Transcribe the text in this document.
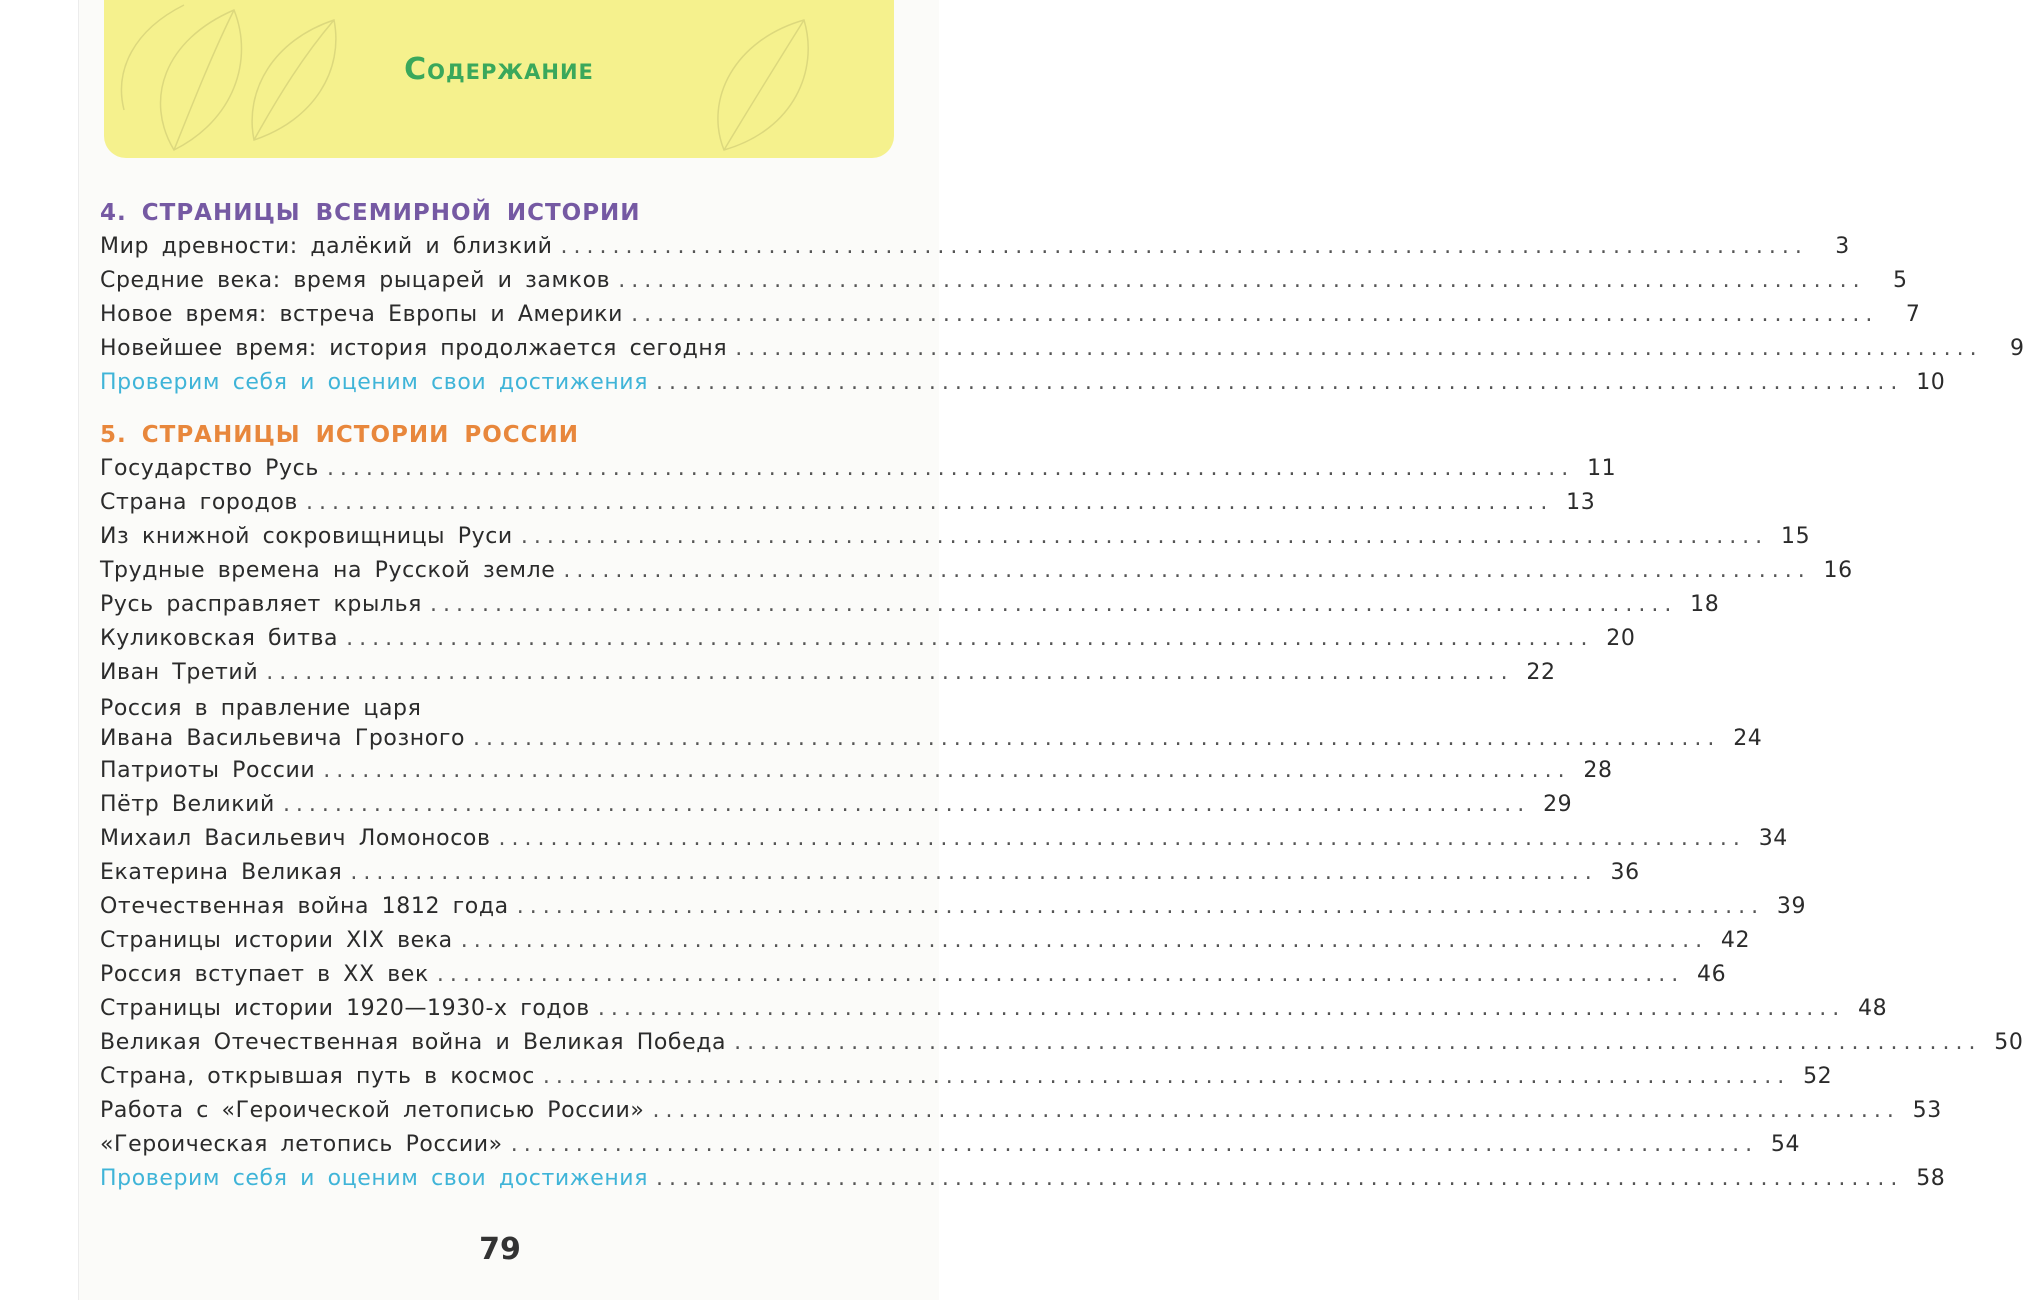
Содержание
4. СТРАНИЦЫ ВСЕМИРНОЙ ИСТОРИИ
Мир древности: далёкий и близкий ................................................................................................	3
Средние века: время рыцарей и замков ................................................................................................	5
Новое время: встреча Европы и Америки ................................................................................................	7
Новейшее время: история продолжается сегодня ................................................................................................	9
Проверим себя и оценим свои достижения ................................................................................................ 10
5. СТРАНИЦЫ ИСТОРИИ РОССИИ
Государство Русь ................................................................................................ 11
Страна городов ................................................................................................ 13
Из книжной сокровищницы Руси ................................................................................................ 15
Трудные времена на Русской земле ................................................................................................ 16
Русь расправляет крылья ................................................................................................ 18
Куликовская битва ................................................................................................ 20
Иван Третий ................................................................................................ 22
Россия в правление царя
Ивана Васильевича Грозного ................................................................................................ 24
Патриоты России ................................................................................................ 28
Пётр Великий ................................................................................................ 29
Михаил Васильевич Ломоносов ................................................................................................ 34
Екатерина Великая ................................................................................................ 36
Отечественная война 1812 года ................................................................................................ 39
Страницы истории XIX века ................................................................................................ 42
Россия вступает в XX век ................................................................................................ 46
Страницы истории 1920—1930-х годов ................................................................................................ 48
Великая Отечественная война и Великая Победа ................................................................................................ 50
Страна, открывшая путь в космос ................................................................................................ 52
Работа с «Героической летописью России» ................................................................................................ 53
«Героическая летопись России» ................................................................................................ 54
Проверим себя и оценим свои достижения ................................................................................................ 58
79
